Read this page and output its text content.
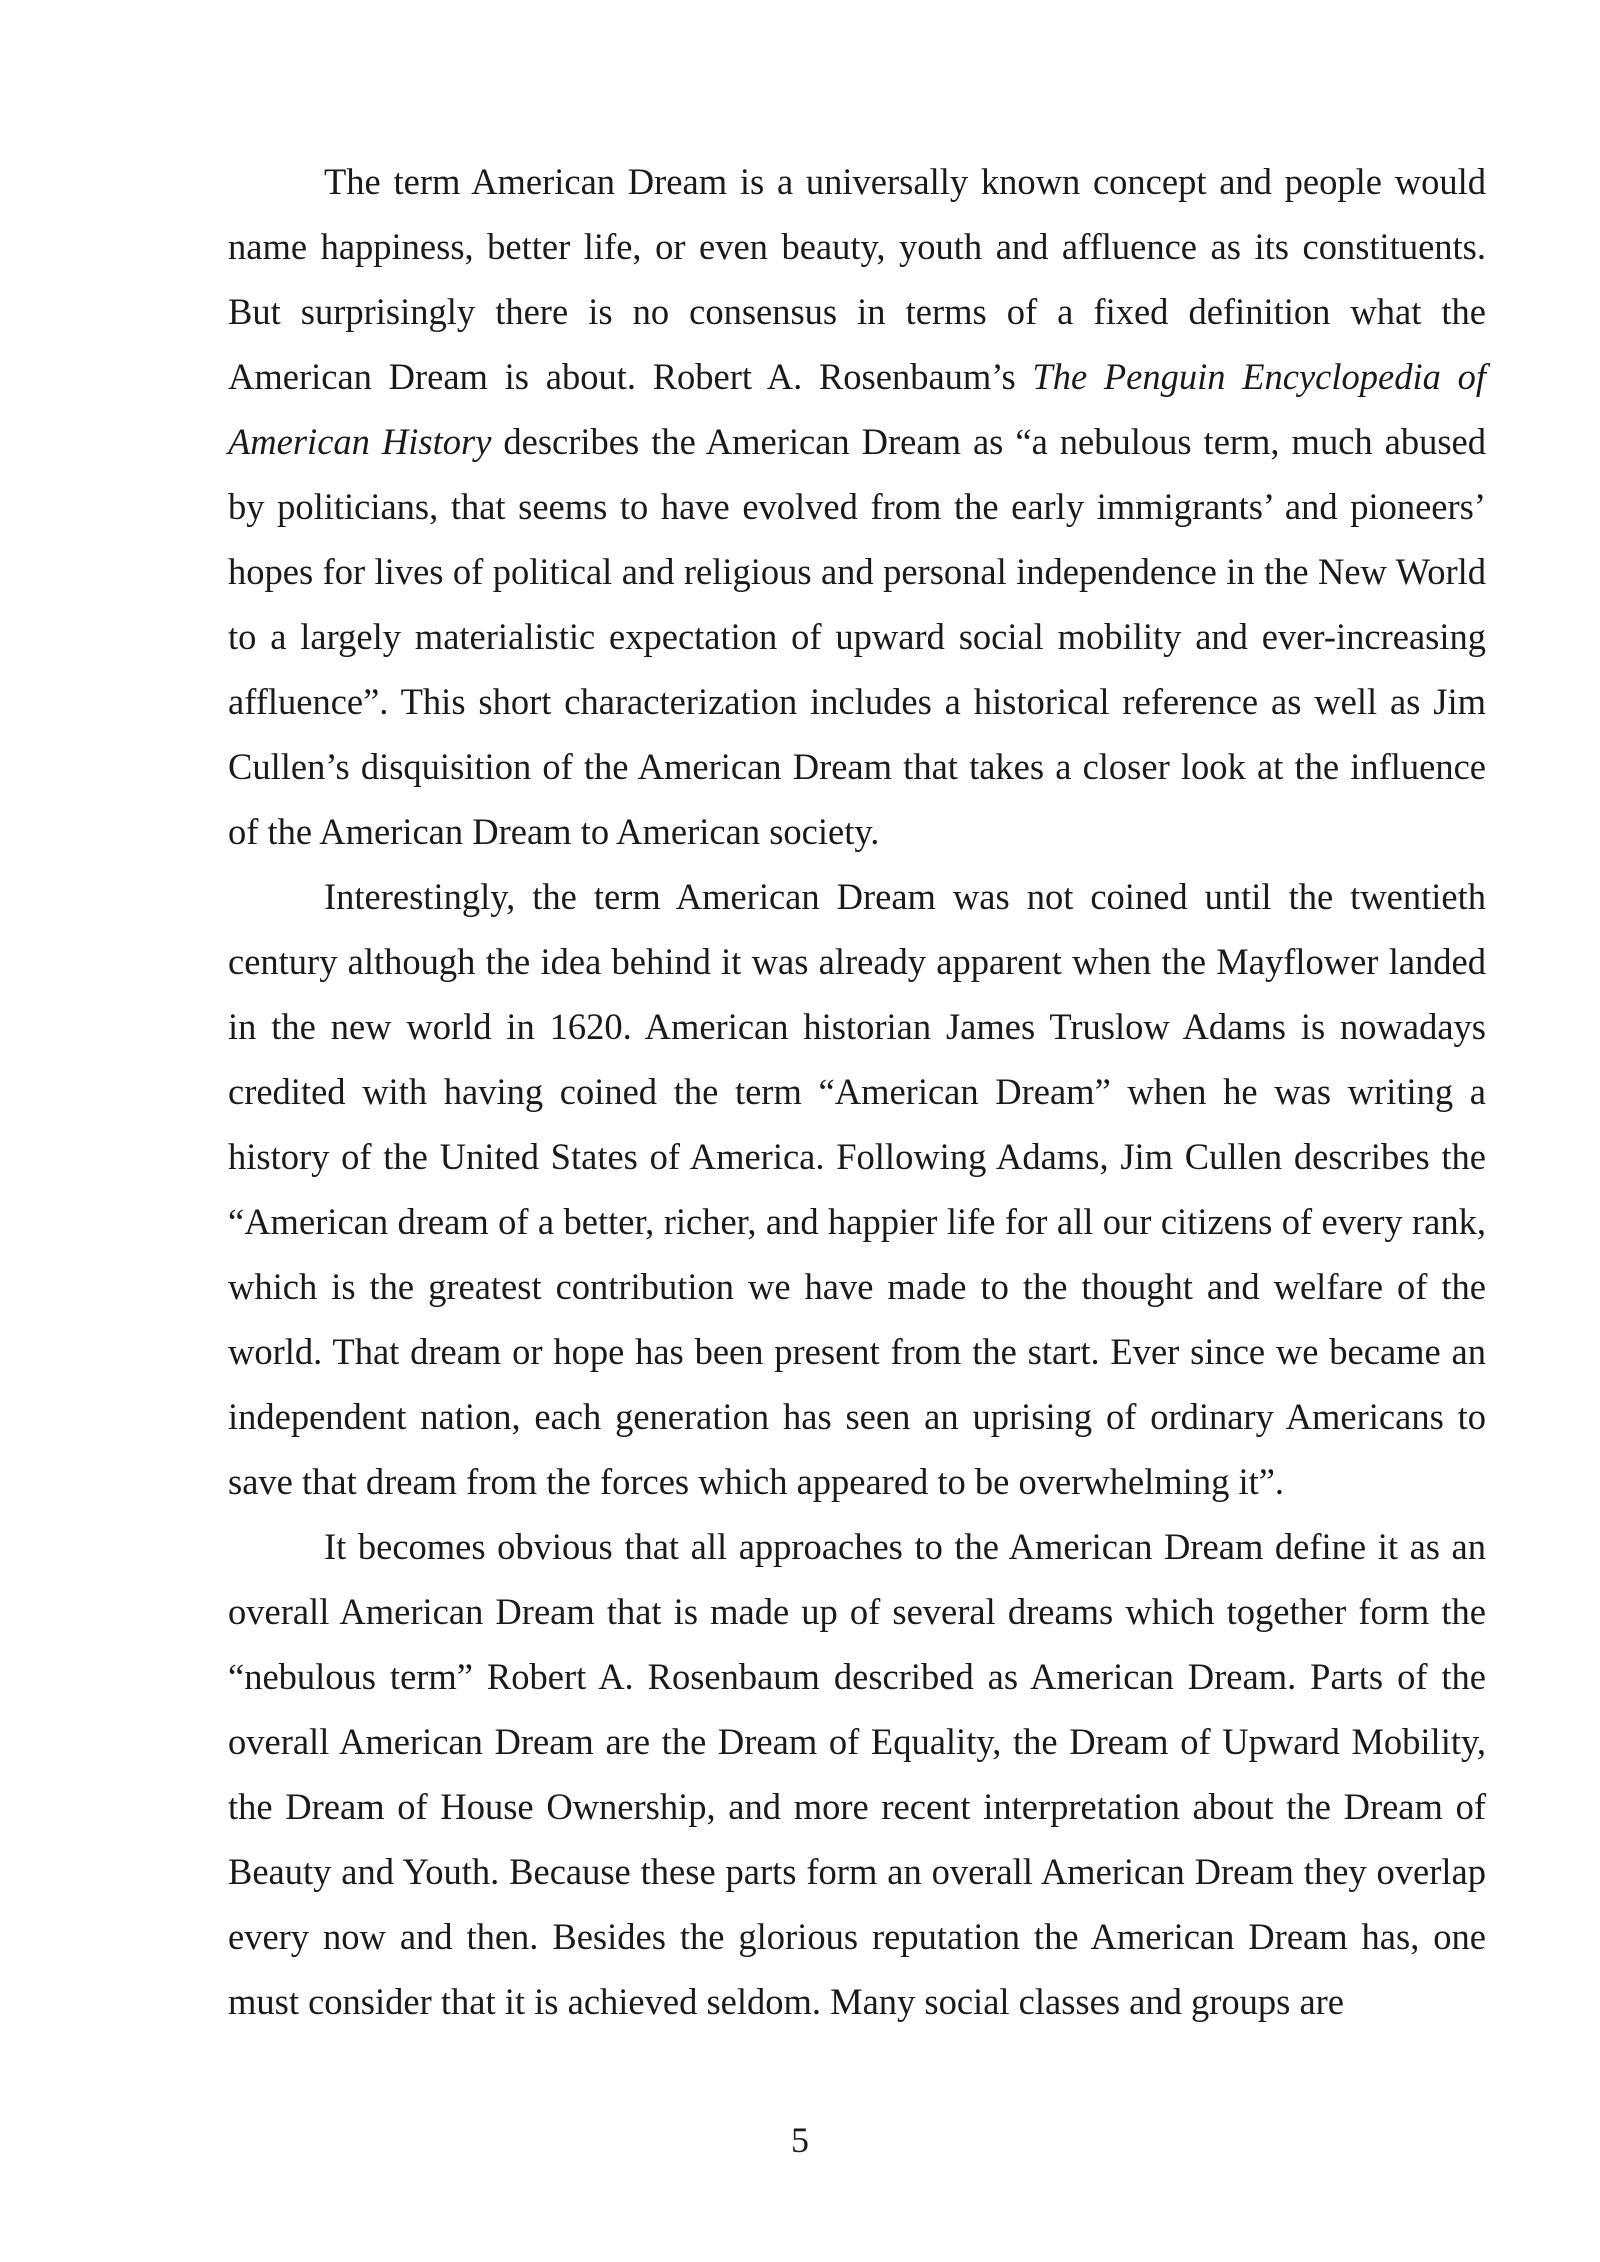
The term American Dream is a universally known concept and people would name happiness, better life, or even beauty, youth and affluence as its constituents. But surprisingly there is no consensus in terms of a fixed definition what the American Dream is about. Robert A. Rosenbaum’s The Penguin Encyclopedia of American History describes the American Dream as “a nebulous term, much abused by politicians, that seems to have evolved from the early immigrants’ and pioneers’ hopes for lives of political and religious and personal independence in the New World to a largely materialistic expectation of upward social mobility and ever-increasing affluence”. This short characterization includes a historical reference as well as Jim Cullen’s disquisition of the American Dream that takes a closer look at the influence of the American Dream to American society.

Interestingly, the term American Dream was not coined until the twentieth century although the idea behind it was already apparent when the Mayflower landed in the new world in 1620. American historian James Truslow Adams is nowadays credited with having coined the term “American Dream” when he was writing a history of the United States of America. Following Adams, Jim Cullen describes the “American dream of a better, richer, and happier life for all our citizens of every rank, which is the greatest contribution we have made to the thought and welfare of the world. That dream or hope has been present from the start. Ever since we became an independent nation, each generation has seen an uprising of ordinary Americans to save that dream from the forces which appeared to be overwhelming it”.

It becomes obvious that all approaches to the American Dream define it as an overall American Dream that is made up of several dreams which together form the “nebulous term” Robert A. Rosenbaum described as American Dream. Parts of the overall American Dream are the Dream of Equality, the Dream of Upward Mobility, the Dream of House Ownership, and more recent interpretation about the Dream of Beauty and Youth. Because these parts form an overall American Dream they overlap every now and then. Besides the glorious reputation the American Dream has, one must consider that it is achieved seldom. Many social classes and groups are

5
